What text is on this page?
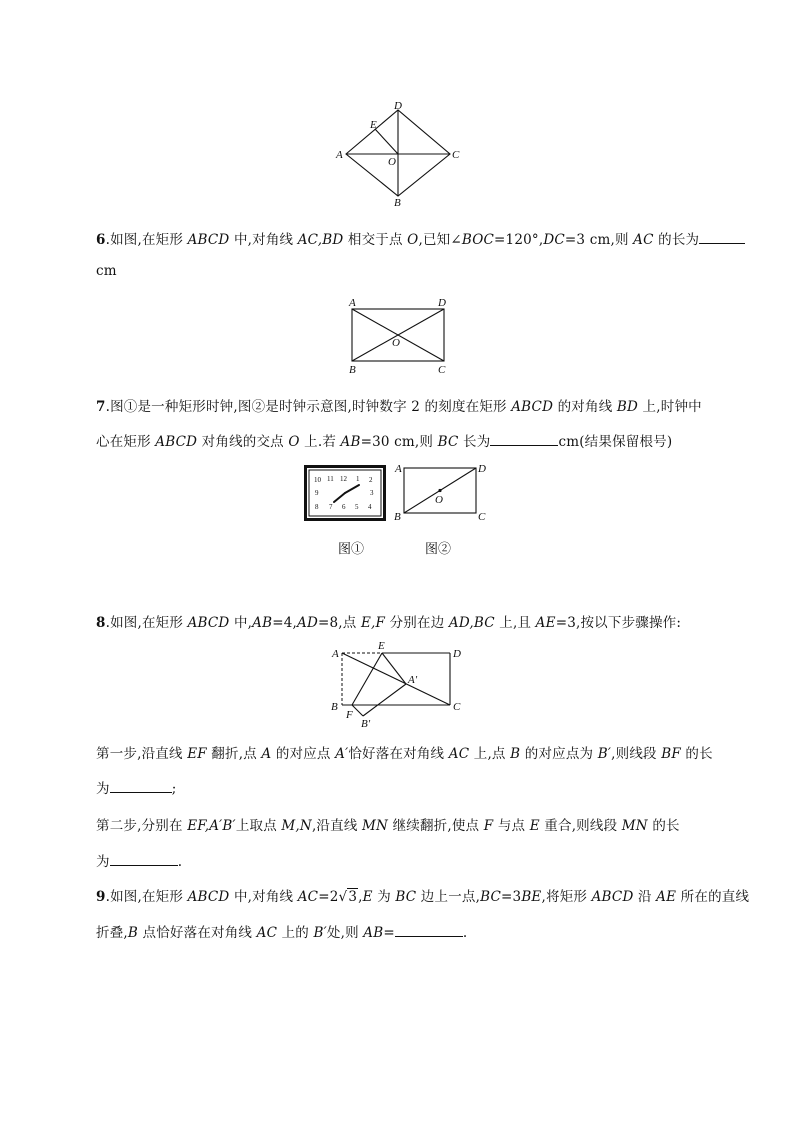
A
D
E
O
C
B
6.如图,在矩形 ABCD 中,对角线 AC,BD 相交于点 O,已知∠BOC=120°,DC=3 cm,则 AC 的长为
cm
A	D
O
B	C
7.图①是一种矩形时钟,图②是时钟示意图,时钟数字 2 的刻度在矩形 ABCD 的对角线 BD 上,时钟中
心在矩形 ABCD 对角线的交点 O 上.若 AB=30 cm,则 BC 长为	cm(结果保留根号)
10 11 12 1 2
9	3
8 7 6 5 4
A	D
O
B	C
图①	图②
8.如图,在矩形 ABCD 中,AB=4,AD=8,点 E,F 分别在边 AD,BC 上,且 AE=3,按以下步骤操作:
A
E
D
A′
B
F
B′
C
第一步,沿直线 EF 翻折,点 A 的对应点 A′恰好落在对角线 AC 上,点 B 的对应点为 B′,则线段 BF 的长
为	;
第二步,分别在 EF,A′B′上取点 M,N,沿直线 MN 继续翻折,使点 F 与点 E 重合,则线段 MN 的长
为	.
9.如图,在矩形 ABCD 中,对角线 AC=2√3,E 为 BC 边上一点,BC=3BE,将矩形 ABCD 沿 AE 所在的直线
折叠,B 点恰好落在对角线 AC 上的 B′处,则 AB=	.
